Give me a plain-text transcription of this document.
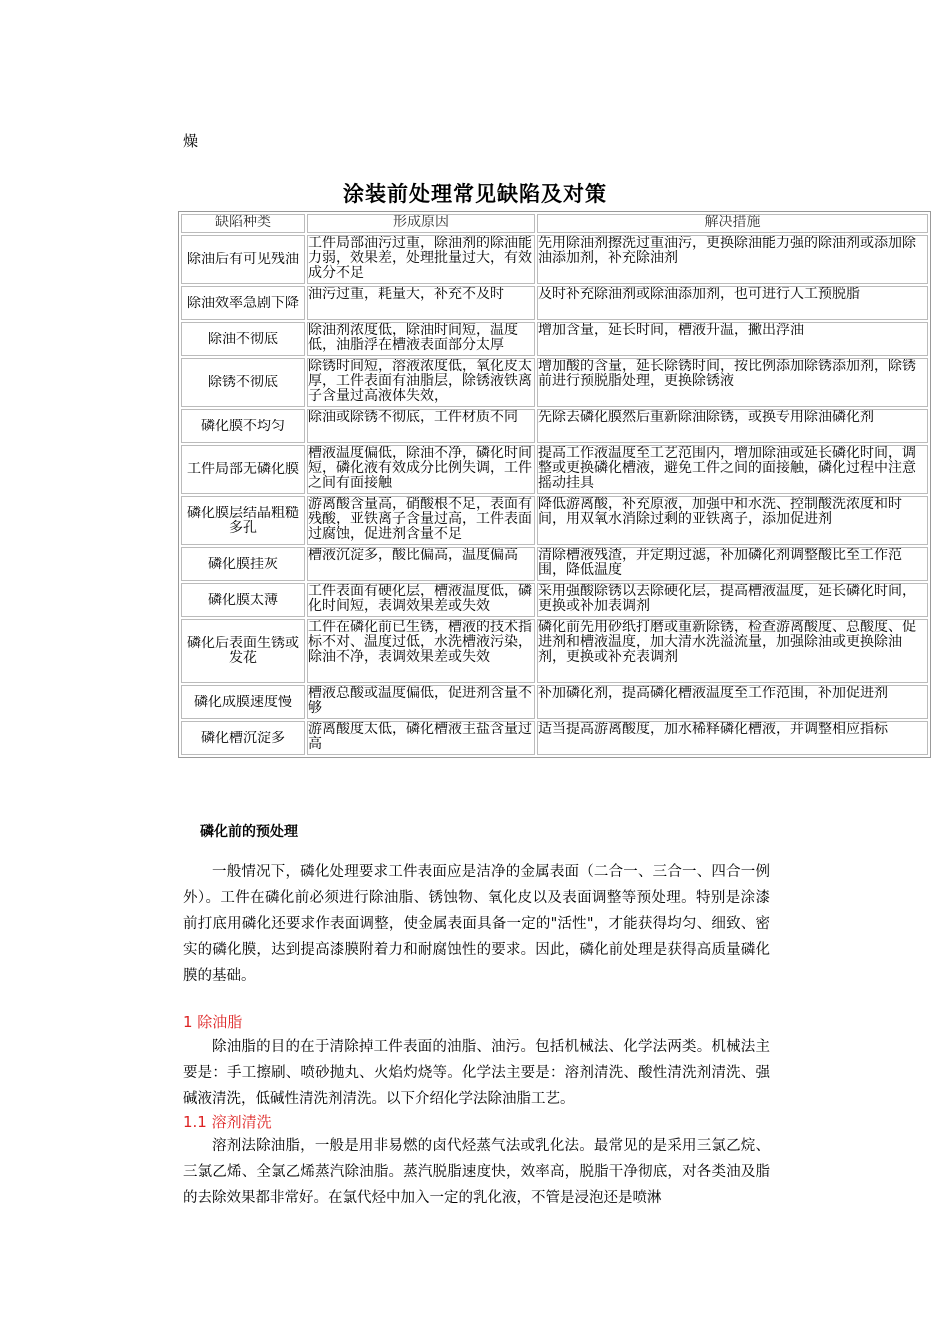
燥
涂装前处理常见缺陷及对策
缺陷种类	形成原因	解决措施

除油后有可见残油	工件局部油污过重，除油剂的除油能力弱，效果差，处理批量过大，有效成分不足	先用除油剂擦洗过重油污，更换除油能力强的除油剂或添加除油添加剂，补充除油剂

除油效率急剧下降	油污过重，耗量大，补充不及时	及时补充除油剂或除油添加剂，也可进行人工预脱脂

除油不彻底	除油剂浓度低，除油时间短，温度低，油脂浮在槽液表面部分太厚	增加含量，延长时间，槽液升温，撇出浮油

除锈不彻底	除锈时间短，溶液浓度低，氧化皮太厚，工件表面有油脂层，除锈液铁离子含量过高液体失效，	增加酸的含量，延长除锈时间，按比例添加除锈添加剂，除锈前进行预脱脂处理，更换除锈液

磷化膜不均匀	除油或除锈不彻底，工件材质不同	先除去磷化膜然后重新除油除锈，或换专用除油磷化剂

工件局部无磷化膜	槽液温度偏低，除油不净，磷化时间短，磷化液有效成分比例失调，工件之间有面接触	提高工作液温度至工艺范围内，增加除油或延长磷化时间，调整或更换磷化槽液，避免工件之间的面接触，磷化过程中注意摇动挂具

磷化膜层结晶粗糙多孔	游离酸含量高，硝酸根不足，表面有残酸，亚铁离子含量过高，工件表面过腐蚀，促进剂含量不足	降低游离酸，补充原液，加强中和水洗、控制酸洗浓度和时间，用双氧水消除过剩的亚铁离子，添加促进剂

磷化膜挂灰	槽液沉淀多，酸比偏高，温度偏高	清除槽液残渣，并定期过滤，补加磷化剂调整酸比至工作范围，降低温度

磷化膜太薄	工件表面有硬化层，槽液温度低，磷化时间短，表调效果差或失效	采用强酸除锈以去除硬化层，提高槽液温度，延长磷化时间，更换或补加表调剂

磷化后表面生锈或发花	工件在磷化前已生锈，槽液的技术指标不对、温度过低，水洗槽液污染，除油不净，表调效果差或失效	磷化前先用砂纸打磨或重新除锈，检查游离酸度、总酸度、促进剂和槽液温度，加大清水洗溢流量，加强除油或更换除油剂，更换或补充表调剂

磷化成膜速度慢	槽液总酸或温度偏低，促进剂含量不够	补加磷化剂，提高磷化槽液温度至工作范围，补加促进剂

磷化槽沉淀多	游离酸度太低，磷化槽液主盐含量过高	适当提高游离酸度，加水稀释磷化槽液，并调整相应指标
磷化前的预处理
一般情况下，磷化处理要求工件表面应是洁净的金属表面（二合一、三合一、四合一例外）。工件在磷化前必须进行除油脂、锈蚀物、氧化皮以及表面调整等预处理。特别是涂漆前打底用磷化还要求作表面调整，使金属表面具备一定的"活性"，才能获得均匀、细致、密实的磷化膜，达到提高漆膜附着力和耐腐蚀性的要求。因此，磷化前处理是获得高质量磷化膜的基础。
1 除油脂
除油脂的目的在于清除掉工件表面的油脂、油污。包括机械法、化学法两类。机械法主要是：手工擦刷、喷砂抛丸、火焰灼烧等。化学法主要是：溶剂清洗、酸性清洗剂清洗、强碱液清洗，低碱性清洗剂清洗。以下介绍化学法除油脂工艺。
1.1 溶剂清洗
溶剂法除油脂，一般是用非易燃的卤代烃蒸气法或乳化法。最常见的是采用三氯乙烷、三氯乙烯、全氯乙烯蒸汽除油脂。蒸汽脱脂速度快，效率高，脱脂干净彻底，对各类油及脂的去除效果都非常好。在氯代烃中加入一定的乳化液，不管是浸泡还是喷淋
